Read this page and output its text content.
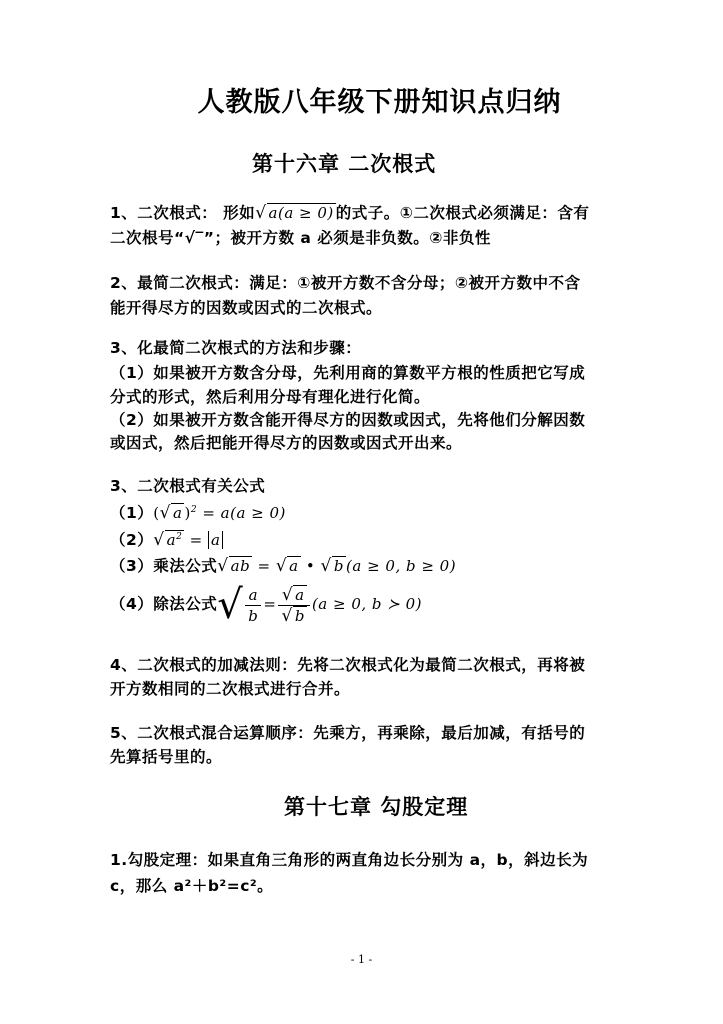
人教版八年级下册知识点归纳
第十六章 二次根式
1、二次根式： 形如√ a(a ≥ 0) 的式子。①二次根式必须满足：含有
二次根号“√‾”；被开方数 a 必须是非负数。②非负性
2、最简二次根式：满足：①被开方数不含分母；②被开方数中不含
能开得尽方的因数或因式的二次根式。
3、化最简二次根式的方法和步骤：
（1）如果被开方数含分母，先利用商的算数平方根的性质把它写成
分式的形式，然后利用分母有理化进行化简。
（2）如果被开方数含能开得尽方的因数或因式，先将他们分解因数
或因式，然后把能开得尽方的因数或因式开出来。
3、二次根式有关公式
（1）(√ a )$^2$ = a(a ≥ 0)
（2）√ $a^2 = a$
（3）乘法公式√ ab = √ a • √ b (a ≥ 0, b ≥ 0)
（4）除法公式√ $\frac{a}{b} = \frac{√ a}{√ b} (a \ge 0$, b ≻ 0)
4、二次根式的加减法则：先将二次根式化为最简二次根式，再将被
开方数相同的二次根式进行合并。
5、二次根式混合运算顺序：先乘方，再乘除，最后加减，有括号的
先算括号里的。
第十七章 勾股定理
1.勾股定理：如果直角三角形的两直角边长分别为 a，b，斜边长为
c，那么 a²＋b²=c²。
- 1 -
